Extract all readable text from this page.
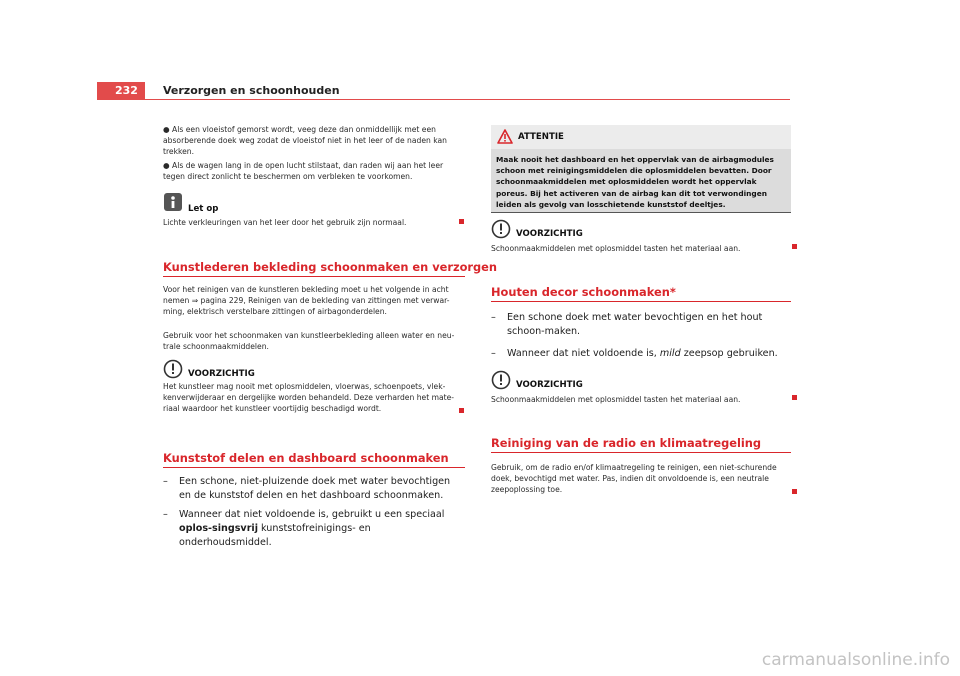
232	Verzorgen en schoonhouden
● Als een vloeistof gemorst wordt, veeg deze dan onmiddellijk met een absorberende doek weg zodat de vloeistof niet in het leer of de naden kan trekken.
● Als de wagen lang in de open lucht stilstaat, dan raden wij aan het leer tegen direct zonlicht te beschermen om verbleken te voorkomen.
Let op
Lichte verkleuringen van het leer door het gebruik zijn normaal.
Kunstlederen bekleding schoonmaken en verzorgen
Voor het reinigen van de kunstleren bekleding moet u het volgende in acht nemen ⇒ pagina 229, Reinigen van de bekleding van zittingen met verwar-ming, elektrisch verstelbare zittingen of airbagonderdelen.
Gebruik voor het schoonmaken van kunstleerbekleding alleen water en neu-trale schoonmaakmiddelen.
VOORZICHTIG
Het kunstleer mag nooit met oplosmiddelen, vloerwas, schoenpoets, vlek-kenverwijderaar en dergelijke worden behandeld. Deze verharden het mate-riaal waardoor het kunstleer voortijdig beschadigd wordt.
Kunststof delen en dashboard schoonmaken
–	Een schone, niet-pluizende doek met water bevochtigen en de kunststof delen en het dashboard schoonmaken.
–	Wanneer dat niet voldoende is, gebruikt u een speciaal oplos-singsvrij kunststofreinigings- en onderhoudsmiddel.
ATTENTIE
Maak nooit het dashboard en het oppervlak van de airbagmodules schoon met reinigingsmiddelen die oplosmiddelen bevatten. Door schoonmaakmiddelen met oplosmiddelen wordt het oppervlak poreus. Bij het activeren van de airbag kan dit tot verwondingen leiden als gevolg van losschietende kunststof deeltjes.
VOORZICHTIG
Schoonmaakmiddelen met oplosmiddel tasten het materiaal aan.
Houten decor schoonmaken*
–	Een schone doek met water bevochtigen en het hout schoon-maken.
–	Wanneer dat niet voldoende is, mild zeepsop gebruiken.
VOORZICHTIG
Schoonmaakmiddelen met oplosmiddel tasten het materiaal aan.
Reiniging van de radio en klimaatregeling
Gebruik, om de radio en/of klimaatregeling te reinigen, een niet-schurende doek, bevochtigd met water. Pas, indien dit onvoldoende is, een neutrale zeepoplossing toe.
carmanualsonline.info
